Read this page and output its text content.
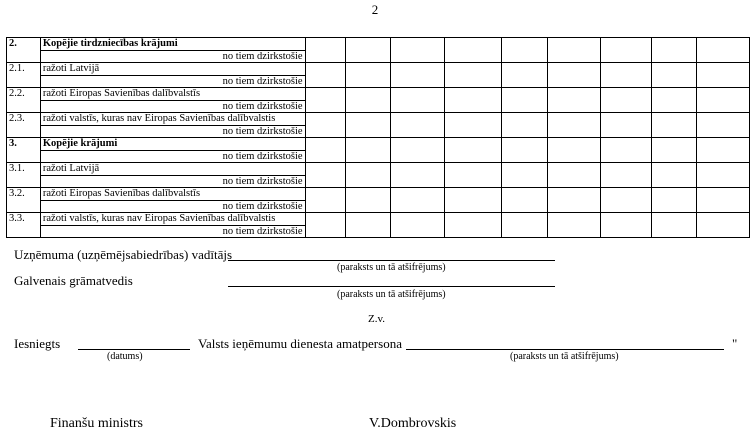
2
2.	Kopējie tirdzniecības krājumi									
	no tiem dzirkstošie									
2.1.	ražoti Latvijā									
	no tiem dzirkstošie									
2.2.	ražoti Eiropas Savienības dalībvalstīs									
	no tiem dzirkstošie									
2.3.	ražoti valstīs, kuras nav Eiropas Savienības dalībvalstis									
	no tiem dzirkstošie									
3.	Kopējie krājumi									
	no tiem dzirkstošie									
3.1.	ražoti Latvijā									
	no tiem dzirkstošie									
3.2.	ražoti Eiropas Savienības dalībvalstīs									
	no tiem dzirkstošie									
3.3.	ražoti valstīs, kuras nav Eiropas Savienības dalībvalstis									
	no tiem dzirkstošie									
Uzņēmuma (uzņēmējsabiedrības) vadītājs
(paraksts un tā atšifrējums)
Galvenais grāmatvedis
(paraksts un tā atšifrējums)
Z.v.
Iesniegts
(datums)
Valsts ieņēmumu dienesta amatpersona
(paraksts un tā atšifrējums)
"
Finanšu ministrs	V.Dombrovskis
